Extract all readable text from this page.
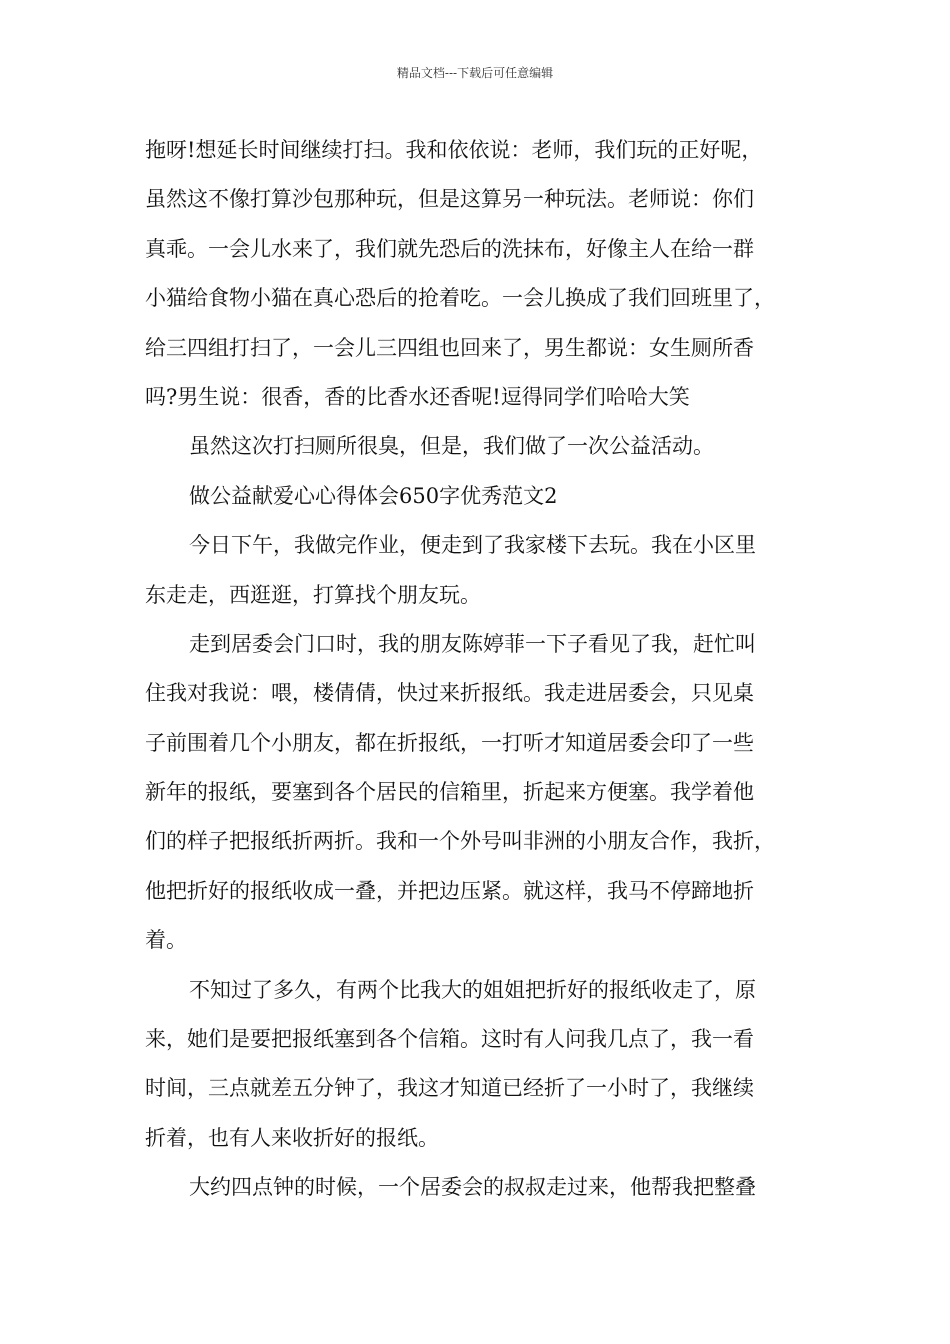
精品文档---下载后可任意编辑
拖呀!想延长时间继续打扫。我和依依说：老师，我们玩的正好呢，
虽然这不像打算沙包那种玩，但是这算另一种玩法。老师说：你们
真乖。一会儿水来了，我们就先恐后的洗抹布，好像主人在给一群
小猫给食物小猫在真心恐后的抢着吃。一会儿换成了我们回班里了，
给三四组打扫了，一会儿三四组也回来了，男生都说：女生厕所香
吗?男生说：很香，香的比香水还香呢!逗得同学们哈哈大笑
虽然这次打扫厕所很臭，但是，我们做了一次公益活动。
做公益献爱心心得体会650字优秀范文2
今日下午，我做完作业，便走到了我家楼下去玩。我在小区里
东走走，西逛逛，打算找个朋友玩。
走到居委会门口时，我的朋友陈婷菲一下子看见了我，赶忙叫
住我对我说：喂，楼倩倩，快过来折报纸。我走进居委会，只见桌
子前围着几个小朋友，都在折报纸，一打听才知道居委会印了一些
新年的报纸，要塞到各个居民的信箱里，折起来方便塞。我学着他
们的样子把报纸折两折。我和一个外号叫非洲的小朋友合作，我折，
他把折好的报纸收成一叠，并把边压紧。就这样，我马不停蹄地折
着。
不知过了多久，有两个比我大的姐姐把折好的报纸收走了，原
来，她们是要把报纸塞到各个信箱。这时有人问我几点了，我一看
时间，三点就差五分钟了，我这才知道已经折了一小时了，我继续
折着，也有人来收折好的报纸。
大约四点钟的时候，一个居委会的叔叔走过来，他帮我把整叠
